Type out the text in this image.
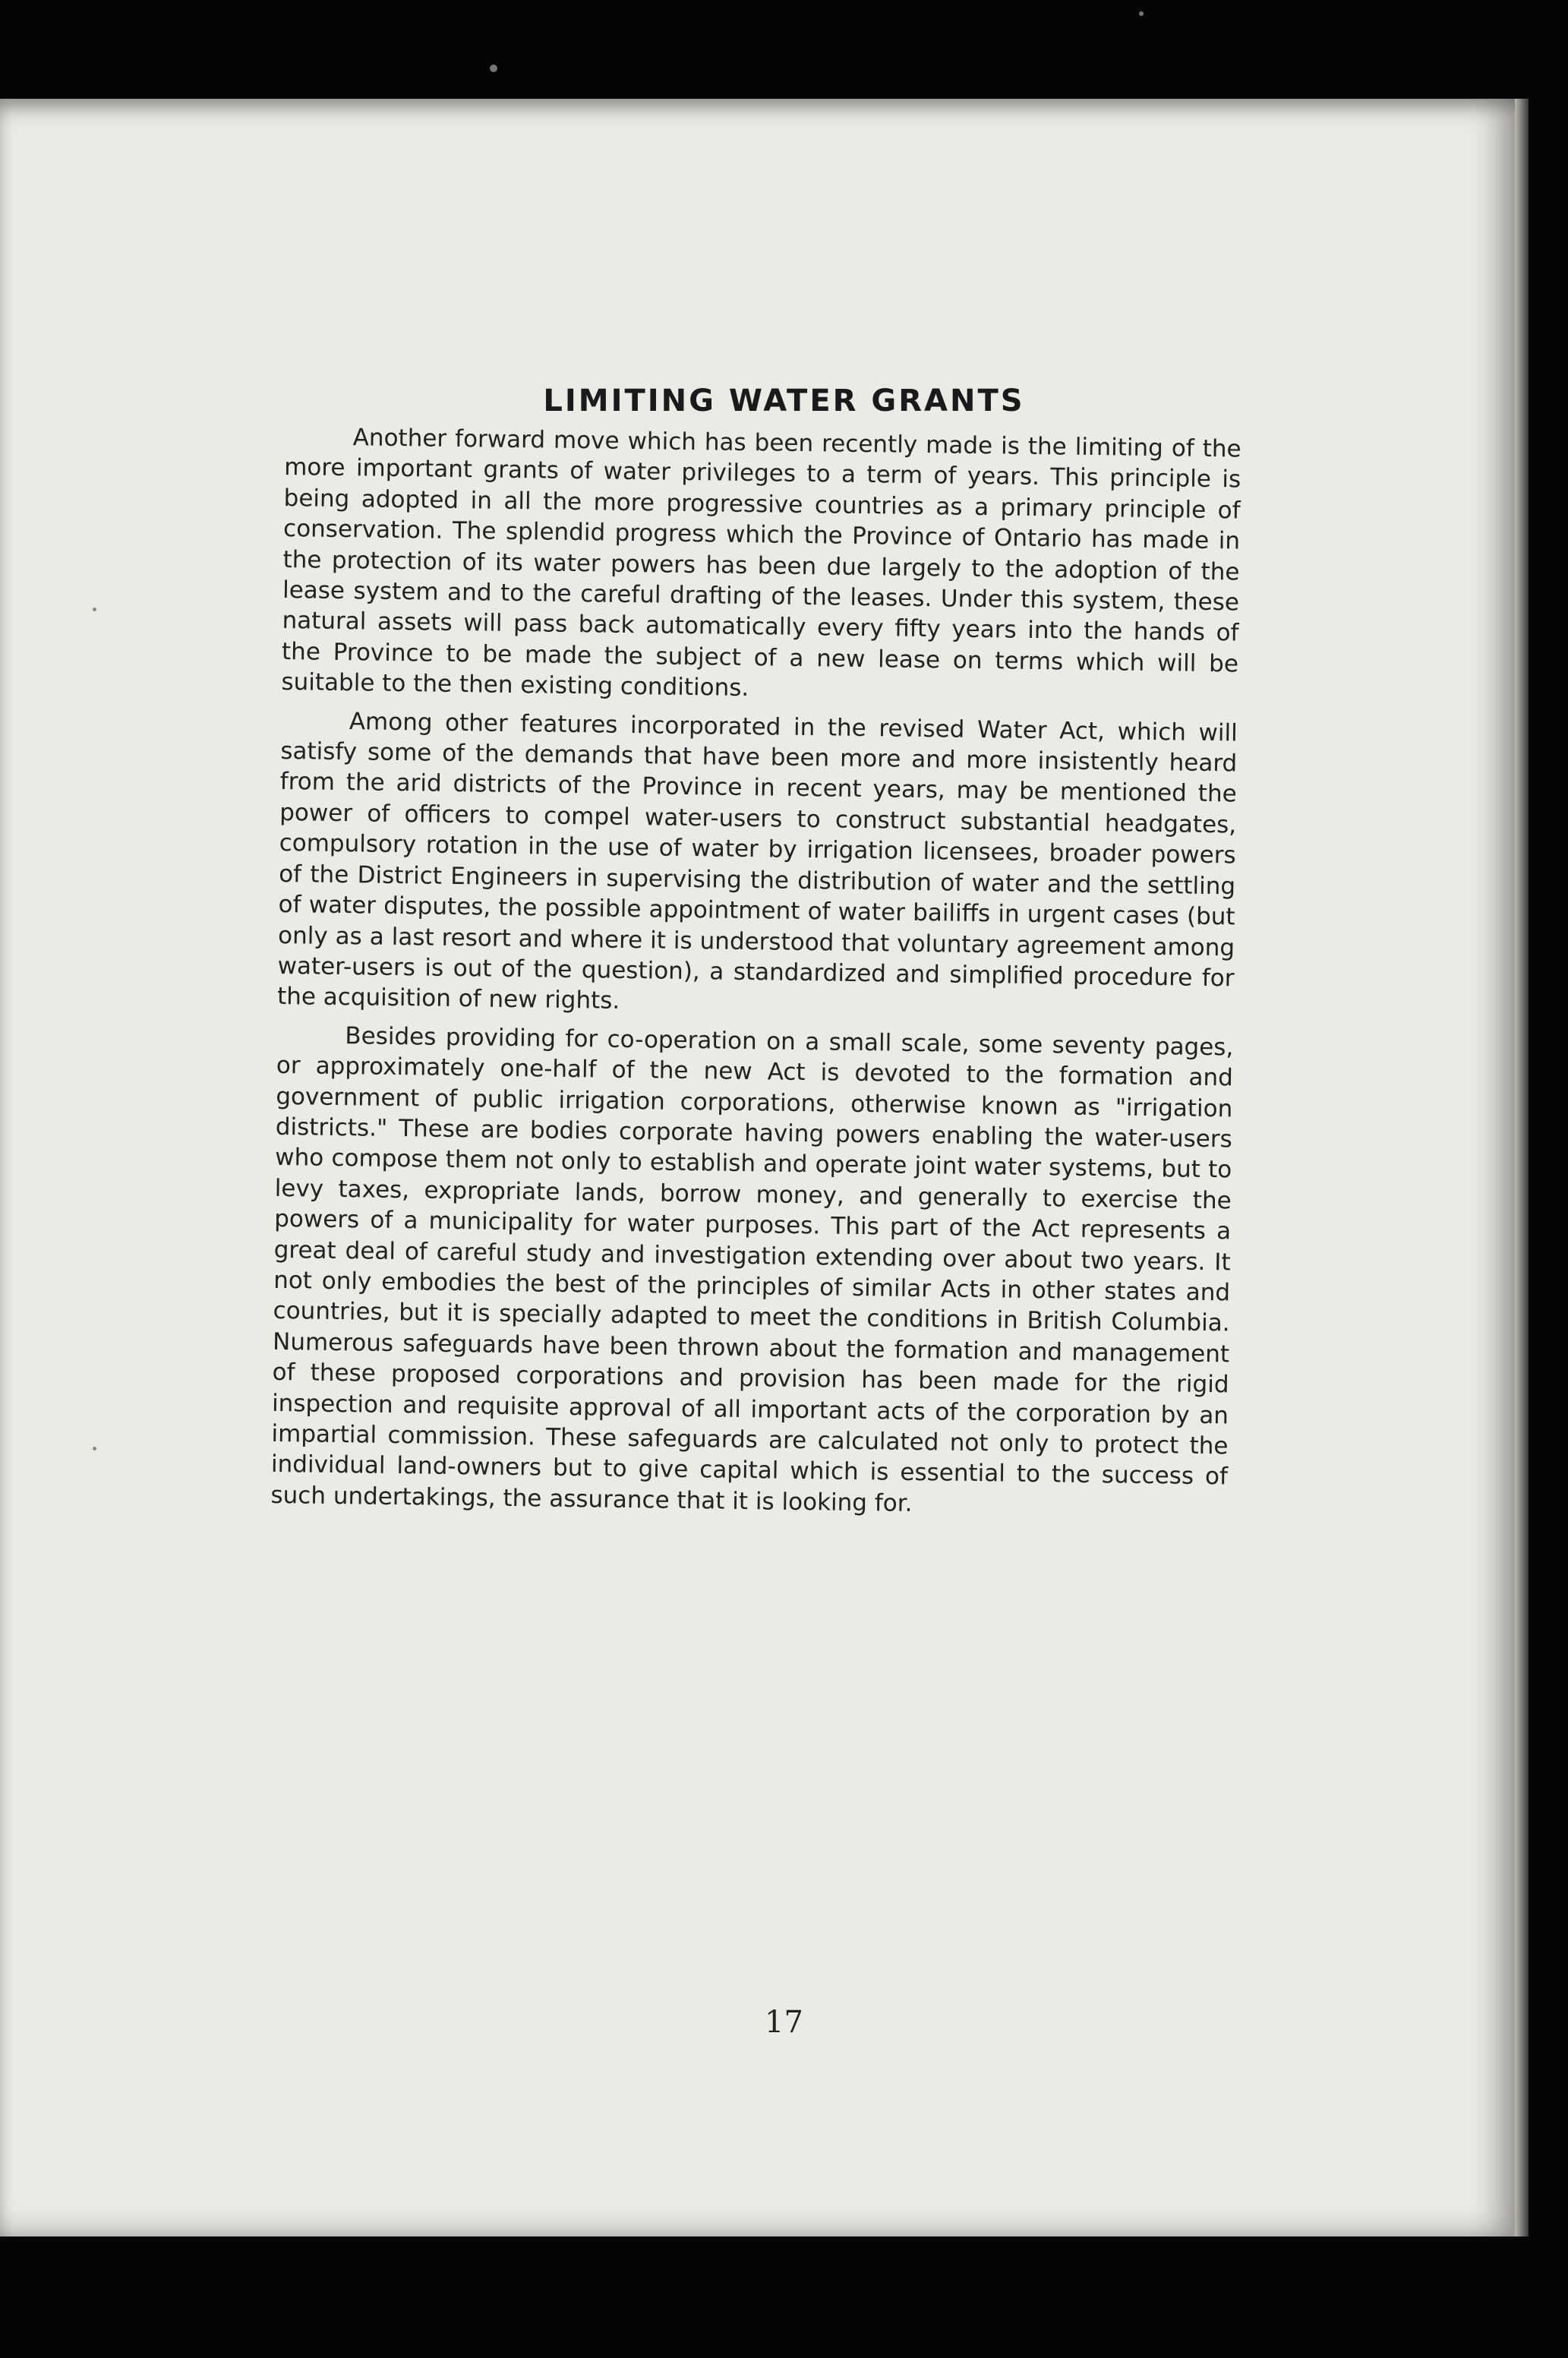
LIMITING WATER GRANTS

Another forward move which has been recently made is the limiting of the more important grants of water privileges to a term of years. This principle is being adopted in all the more progressive countries as a primary principle of conservation. The splendid progress which the Province of Ontario has made in the protection of its water powers has been due largely to the adoption of the lease system and to the careful drafting of the leases. Under this system, these natural assets will pass back automatically every fifty years into the hands of the Province to be made the subject of a new lease on terms which will be suitable to the then existing conditions.

Among other features incorporated in the revised Water Act, which will satisfy some of the demands that have been more and more insistently heard from the arid districts of the Province in recent years, may be mentioned the power of officers to compel water-users to construct substantial headgates, compulsory rotation in the use of water by irrigation licensees, broader powers of the District Engineers in supervising the distribution of water and the settling of water disputes, the possible appointment of water bailiffs in urgent cases (but only as a last resort and where it is understood that voluntary agreement among water-users is out of the question), a standardized and simplified procedure for the acquisition of new rights.

Besides providing for co-operation on a small scale, some seventy pages, or approximately one-half of the new Act is devoted to the formation and government of public irrigation corporations, otherwise known as "irrigation districts." These are bodies corporate having powers enabling the water-users who compose them not only to establish and operate joint water systems, but to levy taxes, expropriate lands, borrow money, and generally to exercise the powers of a municipality for water purposes. This part of the Act represents a great deal of careful study and investigation extending over about two years. It not only embodies the best of the principles of similar Acts in other states and countries, but it is specially adapted to meet the conditions in British Columbia. Numerous safeguards have been thrown about the formation and management of these proposed corporations and provision has been made for the rigid inspection and requisite approval of all important acts of the corporation by an impartial commission. These safeguards are calculated not only to protect the individual land-owners but to give capital which is essential to the success of such undertakings, the assurance that it is looking for.

17
